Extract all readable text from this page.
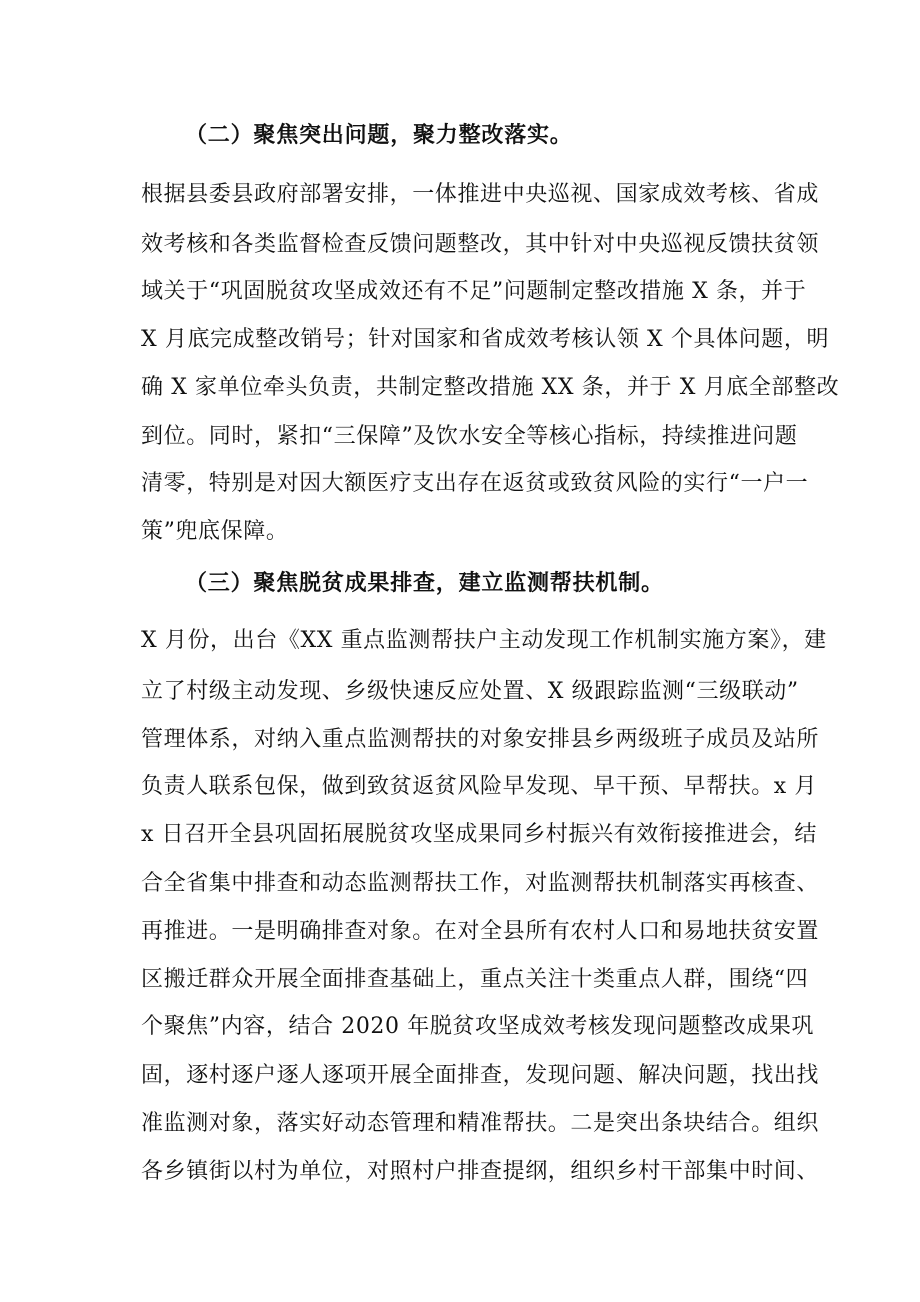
（二）聚焦突出问题，聚力整改落实。
根据县委县政府部署安排，一体推进中央巡视、国家成效考核、省成
效考核和各类监督检查反馈问题整改，其中针对中央巡视反馈扶贫领
域关于“巩固脱贫攻坚成效还有不足”问题制定整改措施 X 条，并于
X 月底完成整改销号；针对国家和省成效考核认领 X 个具体问题，明
确 X 家单位牵头负责，共制定整改措施 XX 条，并于 X 月底全部整改
到位。同时，紧扣“三保障”及饮水安全等核心指标，持续推进问题
清零，特别是对因大额医疗支出存在返贫或致贫风险的实行“一户一
策”兜底保障。
（三）聚焦脱贫成果排查，建立监测帮扶机制。
X 月份，出台《XX 重点监测帮扶户主动发现工作机制实施方案》，建
立了村级主动发现、乡级快速反应处置、X 级跟踪监测“三级联动”
管理体系，对纳入重点监测帮扶的对象安排县乡两级班子成员及站所
负责人联系包保，做到致贫返贫风险早发现、早干预、早帮扶。x 月
x 日召开全县巩固拓展脱贫攻坚成果同乡村振兴有效衔接推进会，结
合全省集中排查和动态监测帮扶工作，对监测帮扶机制落实再核查、
再推进。一是明确排查对象。在对全县所有农村人口和易地扶贫安置
区搬迁群众开展全面排查基础上，重点关注十类重点人群，围绕“四
个聚焦”内容，结合 2020 年脱贫攻坚成效考核发现问题整改成果巩
固，逐村逐户逐人逐项开展全面排查，发现问题、解决问题，找出找
准监测对象，落实好动态管理和精准帮扶。二是突出条块结合。组织
各乡镇街以村为单位，对照村户排查提纲，组织乡村干部集中时间、
